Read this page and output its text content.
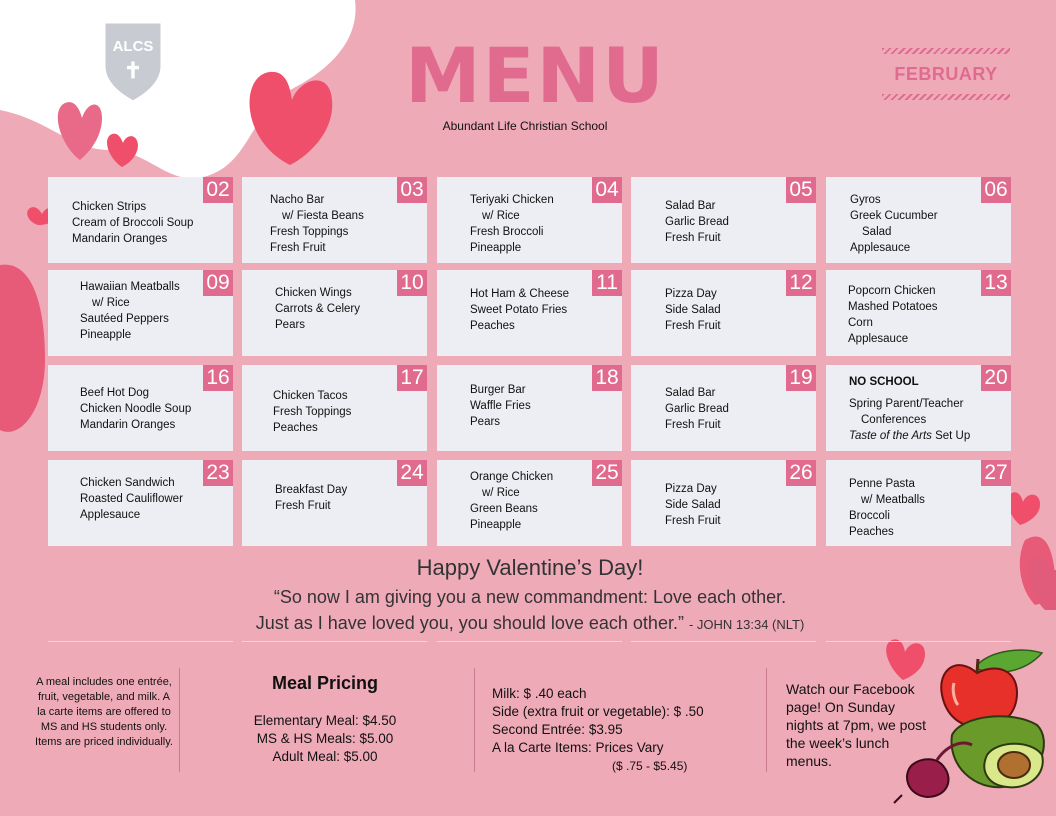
ALCS
✝	MENU
Abundant Life Christian School
FEBRUARY
02
Chicken Strips
Cream of Broccoli Soup
Mandarin Oranges
03
Nacho Bar
w/ Fiesta Beans
Fresh Toppings
Fresh Fruit
04
Teriyaki Chicken
w/ Rice
Fresh Broccoli
Pineapple
05
Salad Bar
Garlic Bread
Fresh Fruit
06
Gyros
Greek Cucumber
Salad
Applesauce
09
Hawaiian Meatballs
w/ Rice
Sautéed Peppers
Pineapple
10
Chicken Wings
Carrots & Celery
Pears
11
Hot Ham & Cheese
Sweet Potato Fries
Peaches
12
Pizza Day
Side Salad
Fresh Fruit
13
Popcorn Chicken
Mashed Potatoes
Corn
Applesauce
16
Beef Hot Dog
Chicken Noodle Soup
Mandarin Oranges
17
Chicken Tacos
Fresh Toppings
Peaches
18
Burger Bar
Waffle Fries
Pears
19
Salad Bar
Garlic Bread
Fresh Fruit
20
NO SCHOOL
Spring Parent/Teacher
Conferences
Taste of the Arts Set Up
23
Chicken Sandwich
Roasted Cauliflower
Applesauce
24
Breakfast Day
Fresh Fruit
25
Orange Chicken
w/ Rice
Green Beans
Pineapple
26
Pizza Day
Side Salad
Fresh Fruit
27
Penne Pasta
w/ Meatballs
Broccoli
Peaches
Happy Valentine’s Day!
“So now I am giving you a new commandment: Love each other.
Just as I have loved you, you should love each other.” - JOHN 13:34 (NLT)
A meal includes one entrée, fruit, vegetable, and milk. A la carte items are offered to MS and HS students only. Items are priced individually.
Meal Pricing
Elementary Meal: $4.50
MS & HS Meals: $5.00
Adult Meal: $5.00
Milk: $ .40 each
Side (extra fruit or vegetable): $ .50
Second Entrée: $3.95
A la Carte Items: Prices Vary
($ .75 - $5.45)
Watch our Facebook page! On Sunday nights at 7pm, we post the week’s lunch menus.
